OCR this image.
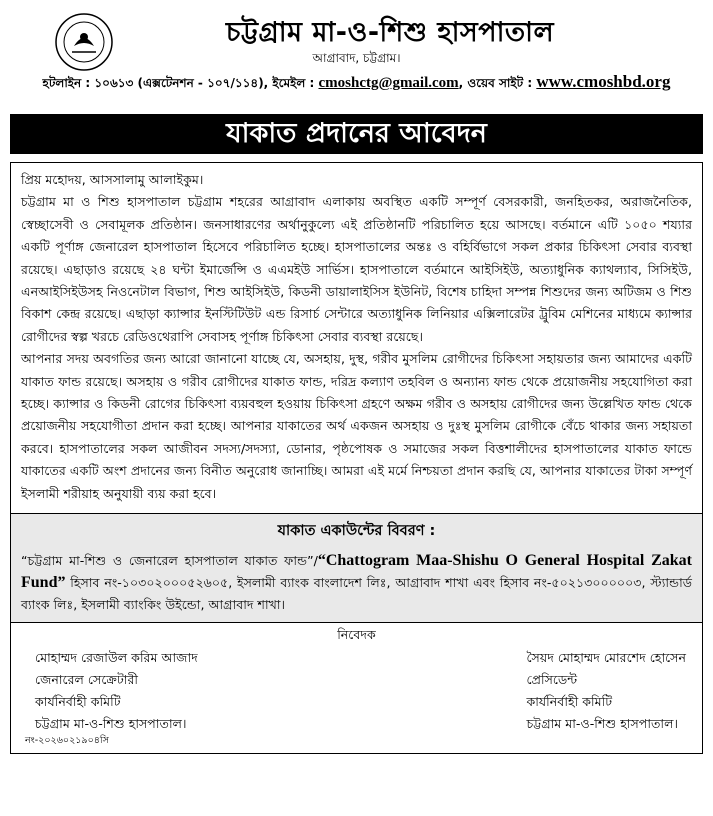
চট্টগ্রাম মা-ও-শিশু হাসপাতাল
আগ্রাবাদ, চট্টগ্রাম।
হটলাইন : ১০৬১৩ (এক্সটেনশন - ১০৭/১১৪), ইমেইল : cmoshctg@gmail.com, ওয়েব সাইট : www.cmoshbd.org
যাকাত প্রদানের আবেদন

প্রিয় মহোদয়, আসসালামু আলাইকুম।

চট্টগ্রাম মা ও শিশু হাসপাতাল চট্টগ্রাম শহরের আগ্রাবাদ এলাকায় অবস্থিত একটি সম্পূর্ণ বেসরকারী, জনহিতকর, অরাজনৈতিক, স্বেচ্ছাসেবী ও সেবামূলক প্রতিষ্ঠান। জনসাধারণের অর্থানুকুল্যে এই প্রতিষ্ঠানটি পরিচালিত হয়ে আসছে। বর্তমানে এটি ১০৫০ শয্যার একটি পূর্ণাঙ্গ জেনারেল হাসপাতাল হিসেবে পরিচালিত হচ্ছে। হাসপাতালের অন্তঃ ও বহির্বিভাগে সকল প্রকার চিকিৎসা সেবার ব্যবস্থা রয়েছে। এছাড়াও রয়েছে ২৪ ঘন্টা ইমার্জেন্সি ও এএমইউ সার্ভিস। হাসপাতালে বর্তমানে আইসিইউ, অত্যাধুনিক ক্যাথল্যাব, সিসিইউ, এনআইসিইউসহ নিওনেটাল বিভাগ, শিশু আইসিইউ, কিডনী ডায়ালাইসিস ইউনিট, বিশেষ চাহিদা সম্পন্ন শিশুদের জন্য অটিজম ও শিশু বিকাশ কেন্দ্র রয়েছে। এছাড়া ক্যান্সার ইনস্টিটিউট এন্ড রিসার্চ সেন্টারে অত্যাধুনিক লিনিয়ার এক্সিলারেটর ট্রুবিম মেশিনের মাধ্যমে ক্যান্সার রোগীদের স্বল্প খরচে রেডিওথেরাপি সেবাসহ পূর্ণাঙ্গ চিকিৎসা সেবার ব্যবস্থা রয়েছে।

আপনার সদয় অবগতির জন্য আরো জানানো যাচ্ছে যে, অসহায়, দুস্থ, গরীব মুসলিম রোগীদের চিকিৎসা সহায়তার জন্য আমাদের একটি যাকাত ফান্ড রয়েছে। অসহায় ও গরীব রোগীদের যাকাত ফান্ড, দরিদ্র কল্যাণ তহবিল ও অন্যান্য ফান্ড থেকে প্রয়োজনীয় সহযোগিতা করা হচ্ছে। ক্যান্সার ও কিডনী রোগের চিকিৎসা ব্যয়বহুল হওয়ায় চিকিৎসা গ্রহণে অক্ষম গরীব ও অসহায় রোগীদের জন্য উল্লেখিত ফান্ড থেকে প্রয়োজনীয় সহযোগীতা প্রদান করা হচ্ছে। আপনার যাকাতের অর্থ একজন অসহায় ও দুঃস্থ মুসলিম রোগীকে বেঁচে থাকার জন্য সহায়তা করবে। হাসপাতালের সকল আজীবন সদস্য/সদস্যা, ডোনার, পৃষ্ঠপোষক ও সমাজের সকল বিত্তশালীদের হাসপাতালের যাকাত ফান্ডে যাকাতের একটি অংশ প্রদানের জন্য বিনীত অনুরোধ জানাচ্ছি। আমরা এই মর্মে নিশ্চয়তা প্রদান করছি যে, আপনার যাকাতের টাকা সম্পূর্ণ ইসলামী শরীয়াহ অনুযায়ী ব্যয় করা হবে।

যাকাত একাউন্টের বিবরণ :
“চট্টগ্রাম মা-শিশু ও জেনারেল হাসপাতাল যাকাত ফান্ড”/“Chattogram Maa-Shishu O General Hospital Zakat Fund” হিসাব নং-১০৩০২০০০৫২৬০৫, ইসলামী ব্যাংক বাংলাদেশ লিঃ, আগ্রাবাদ শাখা এবং হিসাব নং-৫০২১৩০০০০০৩, স্ট্যান্ডার্ড ব্যাংক লিঃ, ইসলামী ব্যাংকিং উইন্ডো, আগ্রাবাদ শাখা।
নিবেদক
মোহাম্মদ রেজাউল করিম আজাদ
জেনারেল সেক্রেটারী
কার্যনির্বাহী কমিটি
চট্টগ্রাম মা-ও-শিশু হাসপাতাল।
সৈয়দ মোহাম্মদ মোরশেদ হোসেন
প্রেসিডেন্ট
কার্যনির্বাহী কমিটি
চট্টগ্রাম মা-ও-শিশু হাসপাতাল।
নং-২০২৬০২১৯০৪সি
